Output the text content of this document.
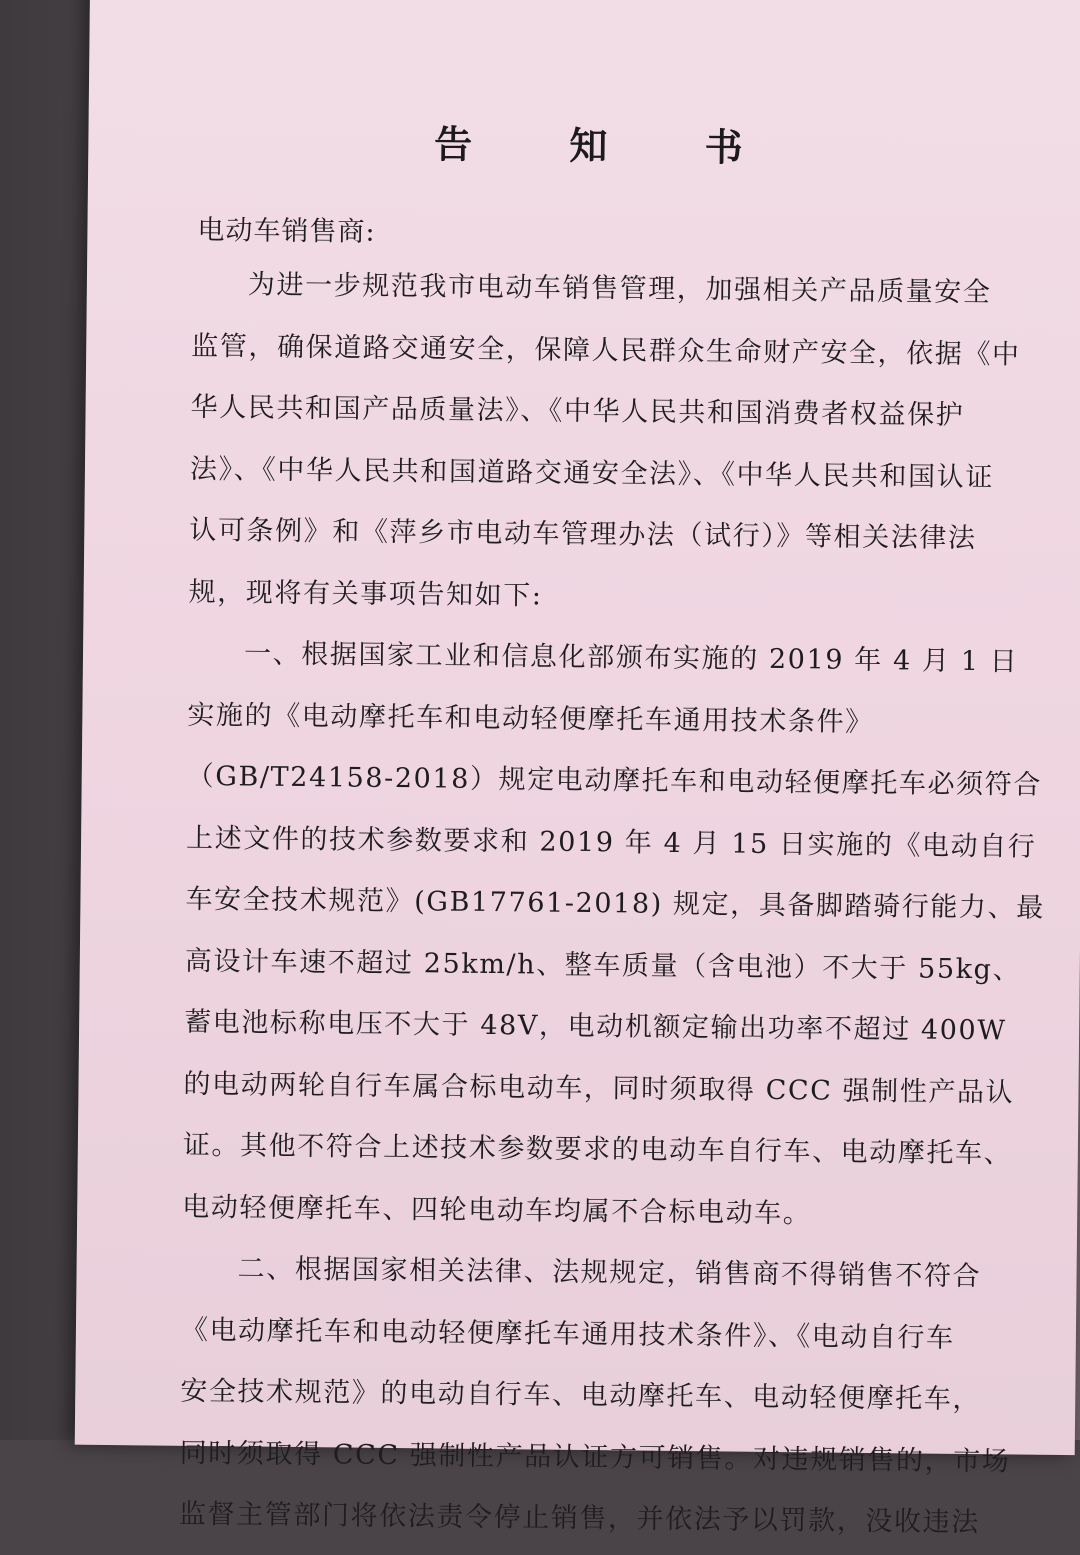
告 知 书
电动车销售商:
为进一步规范我市电动车销售管理，加强相关产品质量安全
监管，确保道路交通安全，保障人民群众生命财产安全，依据《中
华人民共和国产品质量法》、《中华人民共和国消费者权益保护
法》、《中华人民共和国道路交通安全法》、《中华人民共和国认证
认可条例》和《萍乡市电动车管理办法（试行）》等相关法律法
规，现将有关事项告知如下:
一、根据国家工业和信息化部颁布实施的 2019 年 4 月 1 日
实施的《电动摩托车和电动轻便摩托车通用技术条件》
（GB/T24158-2018）规定电动摩托车和电动轻便摩托车必须符合
上述文件的技术参数要求和 2019 年 4 月 15 日实施的《电动自行
车安全技术规范》(GB17761-2018) 规定，具备脚踏骑行能力、最
高设计车速不超过 25km/h、整车质量（含电池）不大于 55kg、
蓄电池标称电压不大于 48V，电动机额定输出功率不超过 400W
的电动两轮自行车属合标电动车，同时须取得 CCC 强制性产品认
证。其他不符合上述技术参数要求的电动车自行车、电动摩托车、
电动轻便摩托车、四轮电动车均属不合标电动车。
二、根据国家相关法律、法规规定，销售商不得销售不符合
《电动摩托车和电动轻便摩托车通用技术条件》、《电动自行车
安全技术规范》的电动自行车、电动摩托车、电动轻便摩托车，
同时须取得 CCC 强制性产品认证方可销售。对违规销售的，市场
监督主管部门将依法责令停止销售，并依法予以罚款，没收违法
